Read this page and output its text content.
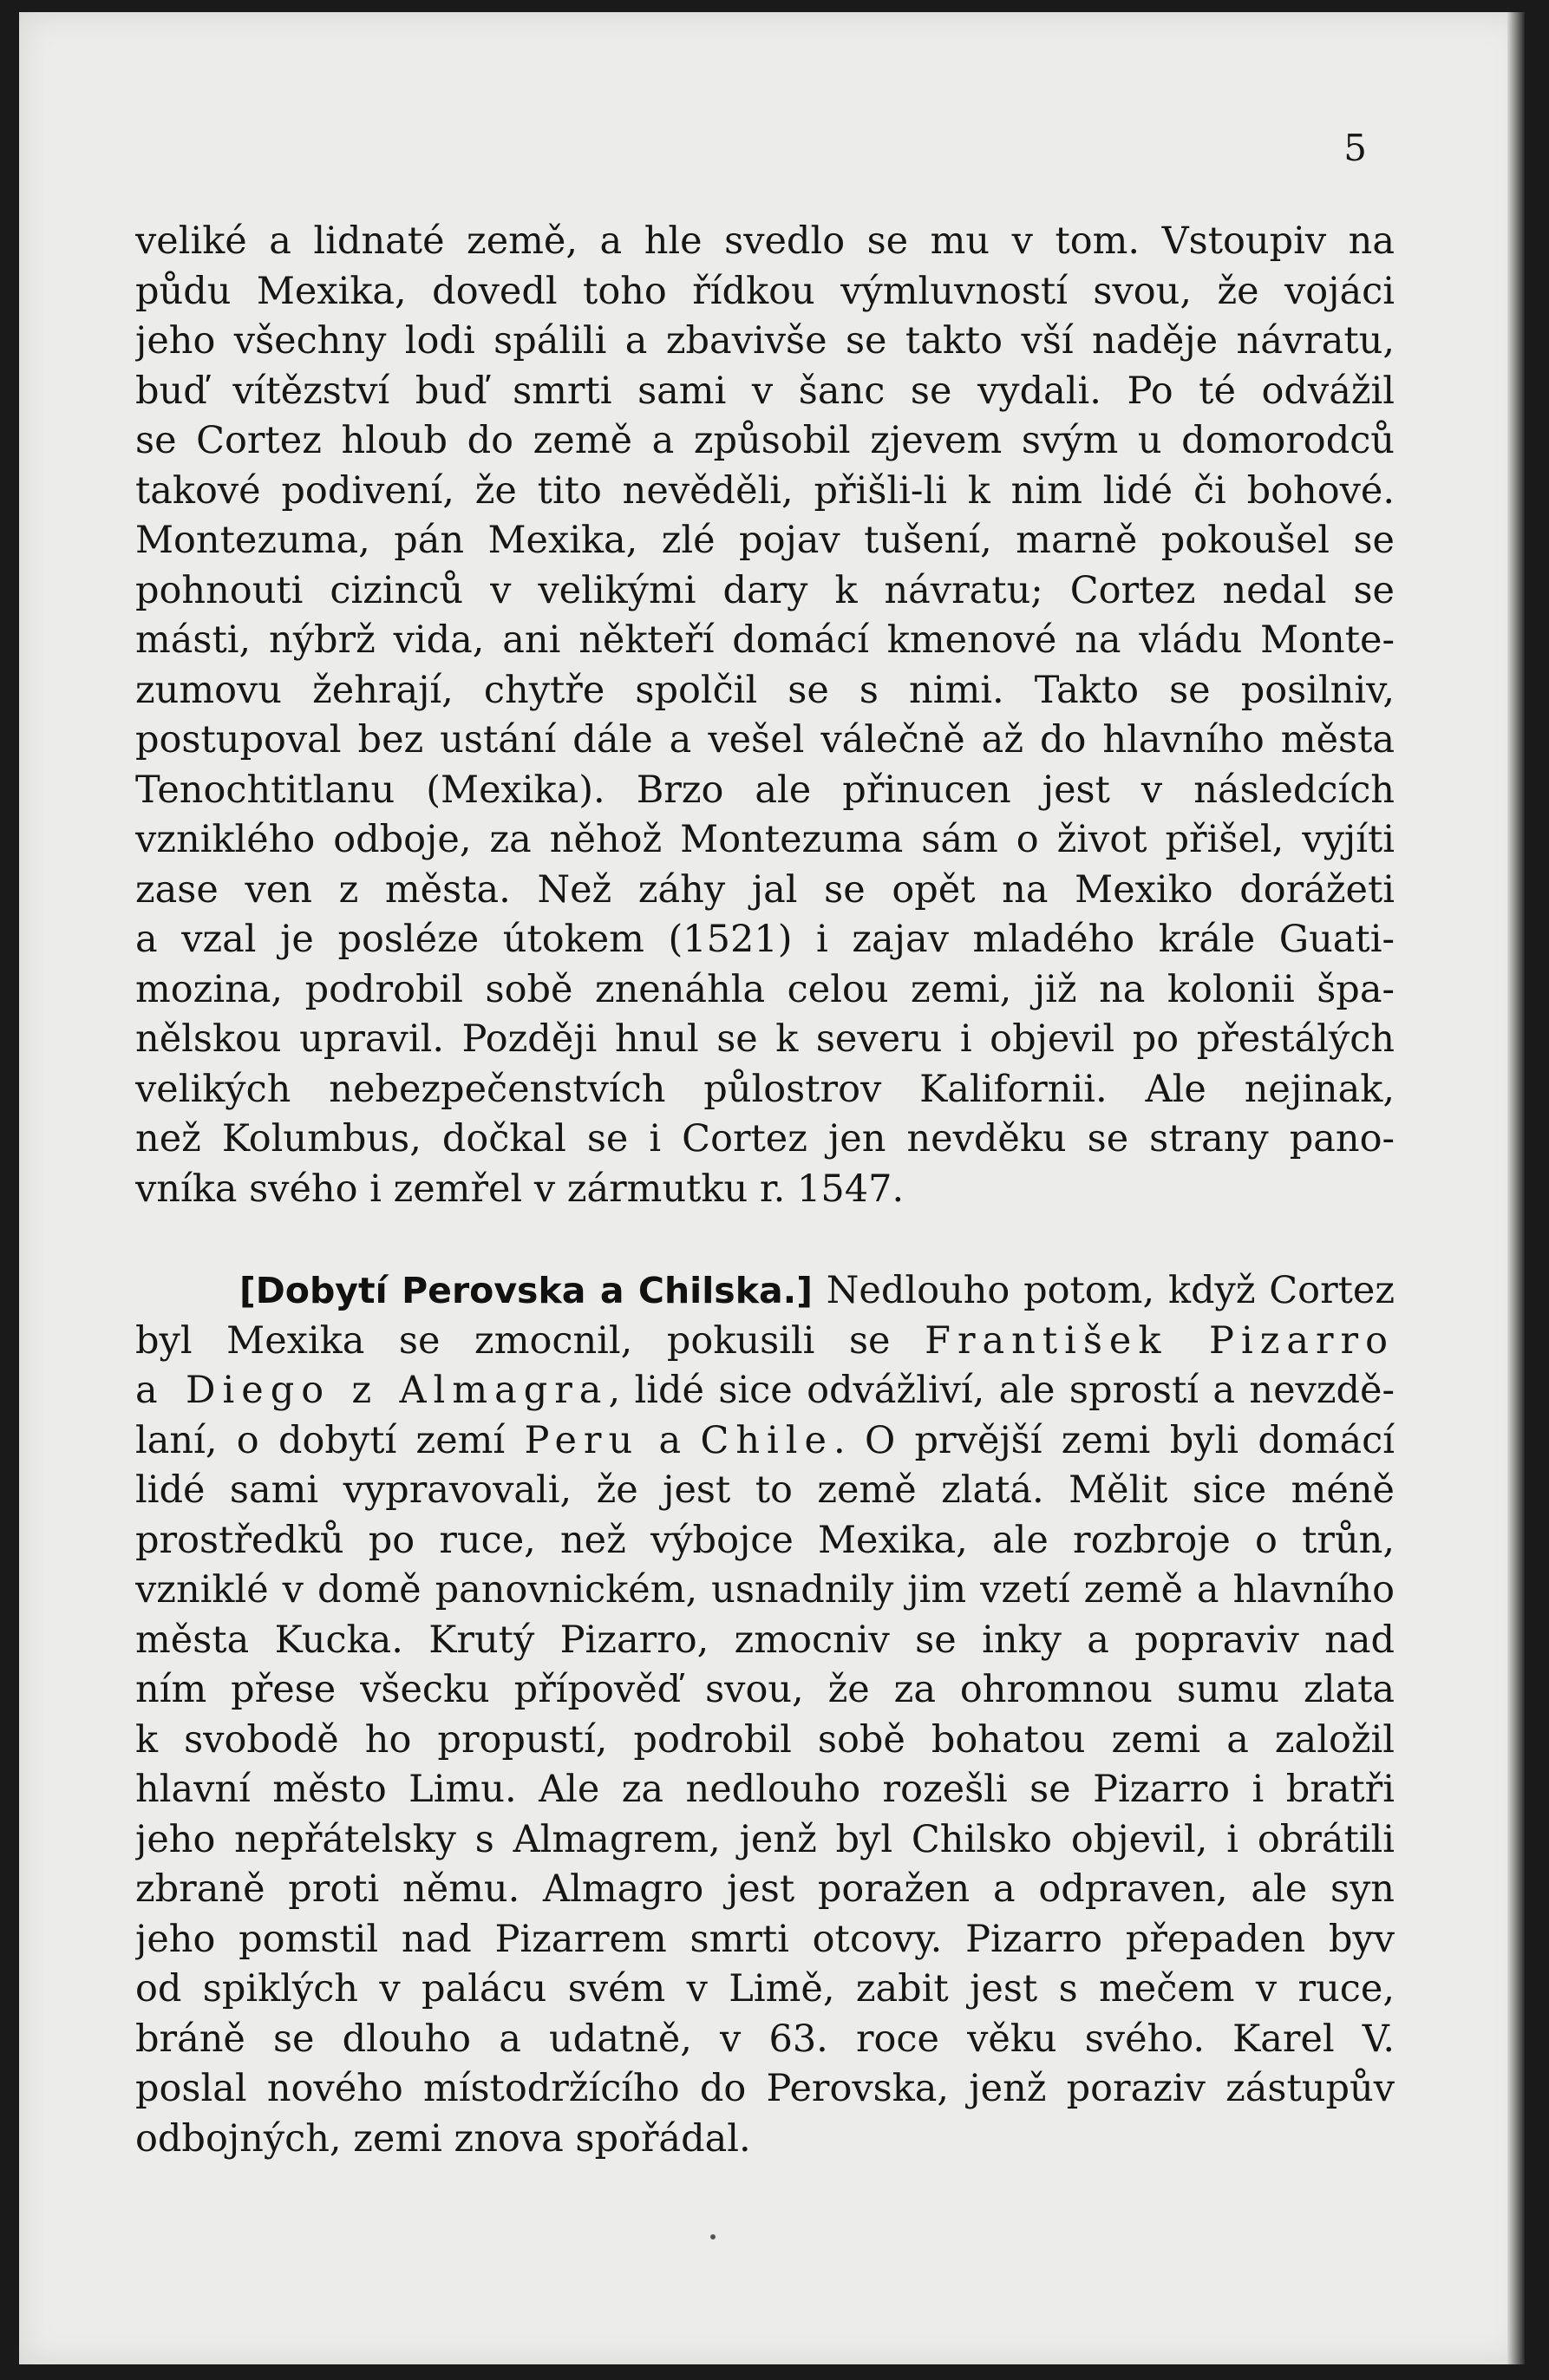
5

veliké a lidnaté země, a hle svedlo se mu v tom. Vstoupiv na
půdu Mexika, dovedl toho řídkou výmluvností svou, že vojáci
jeho všechny lodi spálili a zbavivše se takto vší naděje návratu,
buď vítězství buď smrti sami v šanc se vydali. Po té odvážil
se Cortez hloub do země a způsobil zjevem svým u domorodců
takové podivení, že tito nevěděli, přišli-li k nim lidé či bohové.
Montezuma, pán Mexika, zlé pojav tušení, marně pokoušel se
pohnouti cizinců v velikými dary k návratu; Cortez nedal se
másti, nýbrž vida, ani někteří domácí kmenové na vládu Monte-
zumovu žehrají, chytře spolčil se s nimi. Takto se posilniv,
postupoval bez ustání dále a vešel válečně až do hlavního města
Tenochtitlanu (Mexika). Brzo ale přinucen jest v následcích
vzniklého odboje, za něhož Montezuma sám o život přišel, vyjíti
zase ven z města. Než záhy jal se opět na Mexiko dorážeti
a vzal je posléze útokem (1521) i zajav mladého krále Guati-
mozina, podrobil sobě znenáhla celou zemi, již na kolonii špa-
nělskou upravil. Později hnul se k severu i objevil po přestálých
velikých nebezpečenstvích půlostrov Kalifornii. Ale nejinak,
než Kolumbus, dočkal se i Cortez jen nevděku se strany pano-
vníka svého i zemřel v zármutku r. 1547.
[Dobytí Perovska a Chilska.] Nedlouho potom, když Cortez
byl Mexika se zmocnil, pokusili se František Pizarro
a Diego z Almagra, lidé sice odvážliví, ale sprostí a nevzdě-
laní, o dobytí zemí Peru a Chile. O prvější zemi byli domácí
lidé sami vypravovali, že jest to země zlatá. Mělit sice méně
prostředků po ruce, než výbojce Mexika, ale rozbroje o trůn,
vzniklé v domě panovnickém, usnadnily jim vzetí země a hlavního
města Kucka. Krutý Pizarro, zmocniv se inky a popraviv nad
ním přese všecku přípověď svou, že za ohromnou sumu zlata
k svobodě ho propustí, podrobil sobě bohatou zemi a založil
hlavní město Limu. Ale za nedlouho rozešli se Pizarro i bratři
jeho nepřátelsky s Almagrem, jenž byl Chilsko objevil, i obrátili
zbraně proti němu. Almagro jest poražen a odpraven, ale syn
jeho pomstil nad Pizarrem smrti otcovy. Pizarro přepaden byv
od spiklých v palácu svém v Limě, zabit jest s mečem v ruce,
bráně se dlouho a udatně, v 63. roce věku svého. Karel V.
poslal nového místodržícího do Perovska, jenž poraziv zástupův
odbojných, zemi znova spořádal.
